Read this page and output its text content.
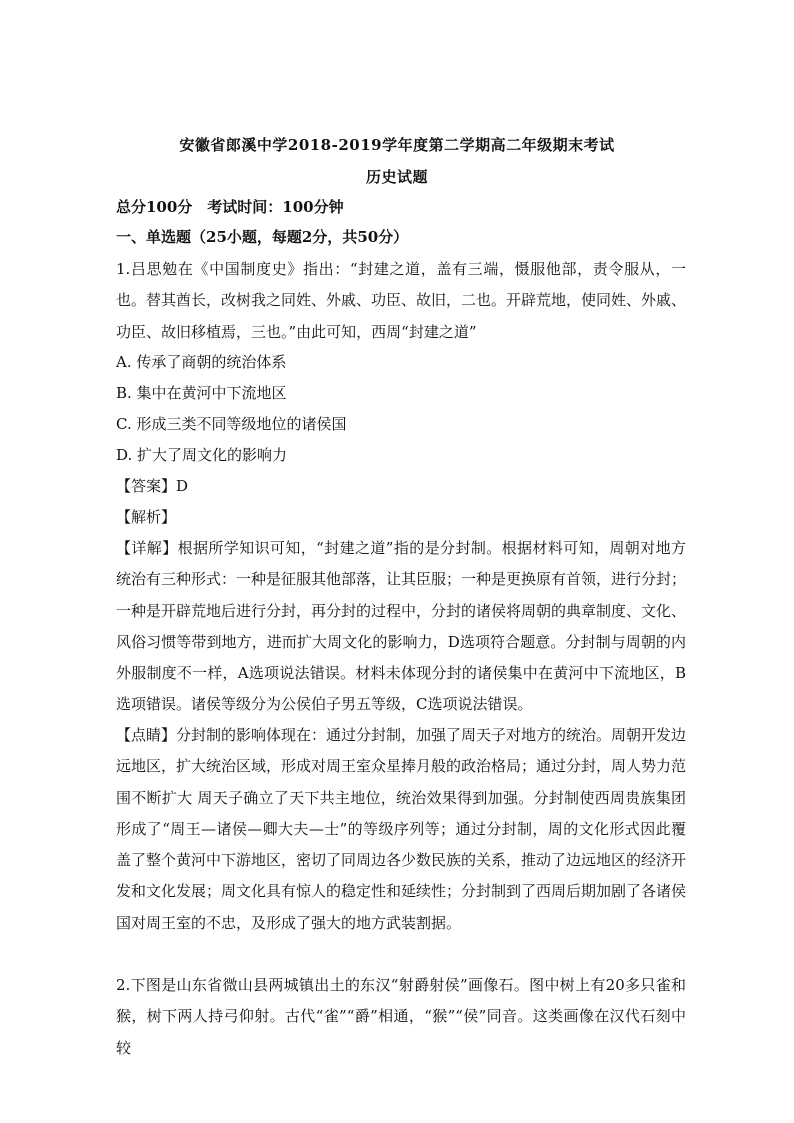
安徽省郎溪中学2018-2019学年度第二学期高二年级期末考试
历史试题
总分100分　考试时间：100分钟
一、单选题（25小题，每题2分，共50分）
1.吕思勉在《中国制度史》指出：“封建之道，盖有三端，慑服他部，责令服从，一也。替其酋长，改树我之同姓、外戚、功臣、故旧，二也。开辟荒地，使同姓、外戚、功臣、故旧移植焉，三也。”由此可知，西周“封建之道”
A. 传承了商朝的统治体系
B. 集中在黄河中下流地区
C. 形成三类不同等级地位的诸侯国
D. 扩大了周文化的影响力
【答案】D
【解析】
【详解】根据所学知识可知，“封建之道”指的是分封制。根据材料可知，周朝对地方统治有三种形式：一种是征服其他部落，让其臣服；一种是更换原有首领，进行分封；一种是开辟荒地后进行分封，再分封的过程中，分封的诸侯将周朝的典章制度、文化、风俗习惯等带到地方，进而扩大周文化的影响力，D选项符合题意。分封制与周朝的内外服制度不一样，A选项说法错误。材料未体现分封的诸侯集中在黄河中下流地区，B选项错误。诸侯等级分为公侯伯子男五等级，C选项说法错误。
【点睛】分封制的影响体现在：通过分封制，加强了周天子对地方的统治。周朝开发边远地区，扩大统治区域，形成对周王室众星捧月般的政治格局；通过分封，周人势力范围不断扩大 周天子确立了天下共主地位，统治效果得到加强。分封制使西周贵族集团形成了“周王—诸侯—卿大夫—士”的等级序列等；通过分封制，周的文化形式因此覆盖了整个黄河中下游地区，密切了同周边各少数民族的关系，推动了边远地区的经济开发和文化发展；周文化具有惊人的稳定性和延续性；分封制到了西周后期加剧了各诸侯国对周王室的不忠，及形成了强大的地方武装割据。
2.下图是山东省微山县两城镇出土的东汉“射爵射侯”画像石。图中树上有20多只雀和猴，树下两人持弓仰射。古代“雀”“爵”相通，“猴”“侯”同音。这类画像在汉代石刻中较
